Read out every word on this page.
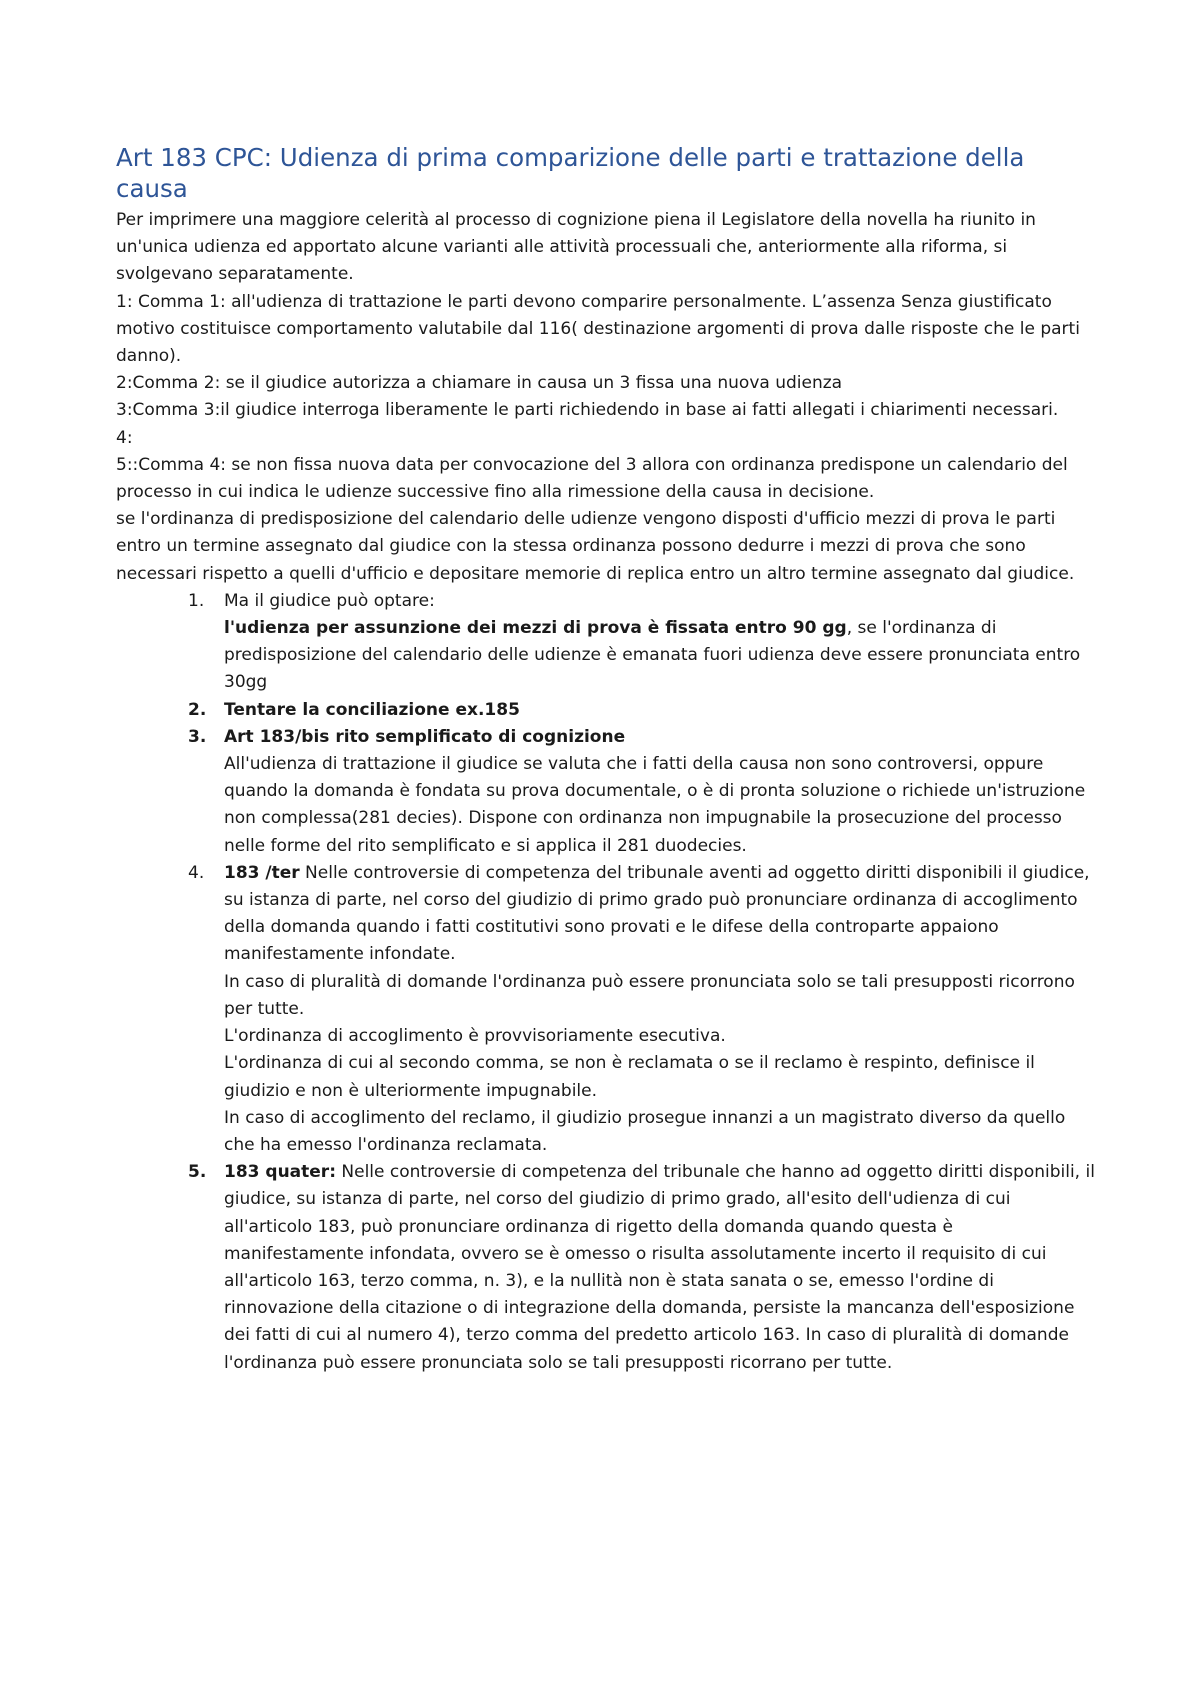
Art 183 CPC: Udienza di prima comparizione delle parti e trattazione della causa

Per imprimere una maggiore celerità al processo di cognizione piena il Legislatore della novella ha riunito in un'unica udienza ed apportato alcune varianti alle attività processuali che, anteriormente alla riforma, si svolgevano separatamente.

1: Comma 1: all'udienza di trattazione le parti devono comparire personalmente. L’assenza Senza giustificato motivo costituisce comportamento valutabile dal 116( destinazione argomenti di prova dalle risposte che le parti danno).

2:Comma 2: se il giudice autorizza a chiamare in causa un 3 fissa una nuova udienza

3:Comma 3:il giudice interroga liberamente le parti richiedendo in base ai fatti allegati i chiarimenti necessari.

4:

5::Comma 4: se non fissa nuova data per convocazione del 3 allora con ordinanza predispone un calendario del processo in cui indica le udienze successive fino alla rimessione della causa in decisione.

se l'ordinanza di predisposizione del calendario delle udienze vengono disposti d'ufficio mezzi di prova le parti entro un termine assegnato dal giudice con la stessa ordinanza possono dedurre i mezzi di prova che sono necessari rispetto a quelli d'ufficio e depositare memorie di replica entro un altro termine assegnato dal giudice.

1. Ma il giudice può optare:
l'udienza per assunzione dei mezzi di prova è fissata entro 90 gg, se l'ordinanza di predisposizione del calendario delle udienze è emanata fuori udienza deve essere pronunciata entro 30gg
2. Tentare la conciliazione ex.185
3. Art 183/bis rito semplificato di cognizione
All'udienza di trattazione il giudice se valuta che i fatti della causa non sono controversi, oppure quando la domanda è fondata su prova documentale, o è di pronta soluzione o richiede un'istruzione non complessa(281 decies). Dispone con ordinanza non impugnabile la prosecuzione del processo nelle forme del rito semplificato e si applica il 281 duodecies.
4. 183 /ter Nelle controversie di competenza del tribunale aventi ad oggetto diritti disponibili il giudice, su istanza di parte, nel corso del giudizio di primo grado può pronunciare ordinanza di accoglimento della domanda quando i fatti costitutivi sono provati e le difese della controparte appaiono manifestamente infondate.
In caso di pluralità di domande l'ordinanza può essere pronunciata solo se tali presupposti ricorrono per tutte.
L'ordinanza di accoglimento è provvisoriamente esecutiva.
L'ordinanza di cui al secondo comma, se non è reclamata o se il reclamo è respinto, definisce il giudizio e non è ulteriormente impugnabile.
In caso di accoglimento del reclamo, il giudizio prosegue innanzi a un magistrato diverso da quello che ha emesso l'ordinanza reclamata.
5. 183 quater: Nelle controversie di competenza del tribunale che hanno ad oggetto diritti disponibili, il giudice, su istanza di parte, nel corso del giudizio di primo grado, all'esito dell'udienza di cui all'articolo 183, può pronunciare ordinanza di rigetto della domanda quando questa è manifestamente infondata, ovvero se è omesso o risulta assolutamente incerto il requisito di cui all'articolo 163, terzo comma, n. 3), e la nullità non è stata sanata o se, emesso l'ordine di rinnovazione della citazione o di integrazione della domanda, persiste la mancanza dell'esposizione dei fatti di cui al numero 4), terzo comma del predetto articolo 163. In caso di pluralità di domande l'ordinanza può essere pronunciata solo se tali presupposti ricorrano per tutte.
